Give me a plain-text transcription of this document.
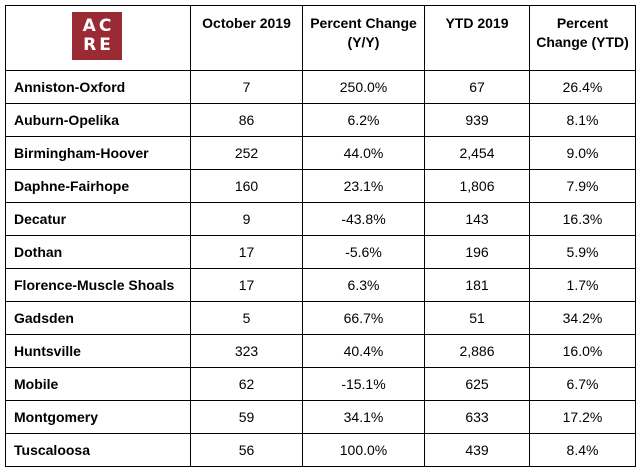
AC
RE	October 2019	Percent Change (Y/Y)	YTD 2019	Percent Change (YTD)
Anniston-Oxford	7	250.0%	67	26.4%
Auburn-Opelika	86	6.2%	939	8.1%
Birmingham-Hoover	252	44.0%	2,454	9.0%
Daphne-Fairhope	160	23.1%	1,806	7.9%
Decatur	9	-43.8%	143	16.3%
Dothan	17	-5.6%	196	5.9%
Florence-Muscle Shoals	17	6.3%	181	1.7%
Gadsden	5	66.7%	51	34.2%
Huntsville	323	40.4%	2,886	16.0%
Mobile	62	-15.1%	625	6.7%
Montgomery	59	34.1%	633	17.2%
Tuscaloosa	56	100.0%	439	8.4%
